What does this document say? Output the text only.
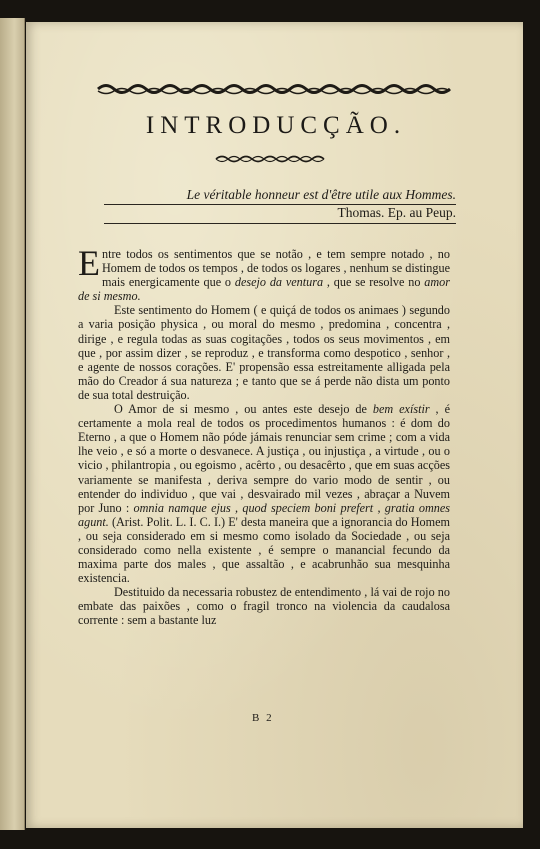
INTRODUCÇÃO.
Le véritable honneur est d'être utile aux Hommes.
Thomas. Ep. au Peup.

Entre todos os sentimentos que se notão , e tem sempre notado , no Homem de todos os tempos , de todos os logares , nenhum se distingue mais energicamente que o desejo da ventura , que se resolve no amor de si mesmo.

Este sentimento do Homem ( e quiçá de todos os animaes ) segundo a varia posição physica , ou moral do mesmo , predomina , concentra , dirige , e regula todas as suas cogitações , todos os seus movimentos , em que , por assim dizer , se reproduz , e transforma como despotico , senhor , e agente de nossos corações. E' propensão essa estreitamente alligada pela mão do Creador á sua natureza ; e tanto que se á perde não dista um ponto de sua total destruição.

O Amor de si mesmo , ou antes este desejo de bem exístir , é certamente a mola real de todos os procedimentos humanos : é dom do Eterno , a que o Homem não póde jámais renunciar sem crime ; com a vida lhe veio , e só a morte o desvanece. A justiça , ou injustiça , a virtude , ou o vicio , philantropia , ou egoismo , acêrto , ou desacêrto , que em suas acções variamente se manifesta , deriva sempre do vario modo de sentir , ou entender do individuo , que vai , desvairado mil vezes , abraçar a Nuvem por Juno : omnia namque ejus , quod speciem boni prefert , gratia omnes agunt. (Arist. Polit. L. I. C. I.) E' desta maneira que a ignorancia do Homem , ou seja considerado em si mesmo como isolado da Sociedade , ou seja considerado como nella existente , é sempre o manancial fecundo da maxima parte dos males , que assaltão , e acabrunhão sua mesquinha existencia.

Destituido da necessaria robustez de entendimento , lá vai de rojo no embate das paixões , como o fragil tronco na violencia da caudalosa corrente : sem a bastante luz

B 2
